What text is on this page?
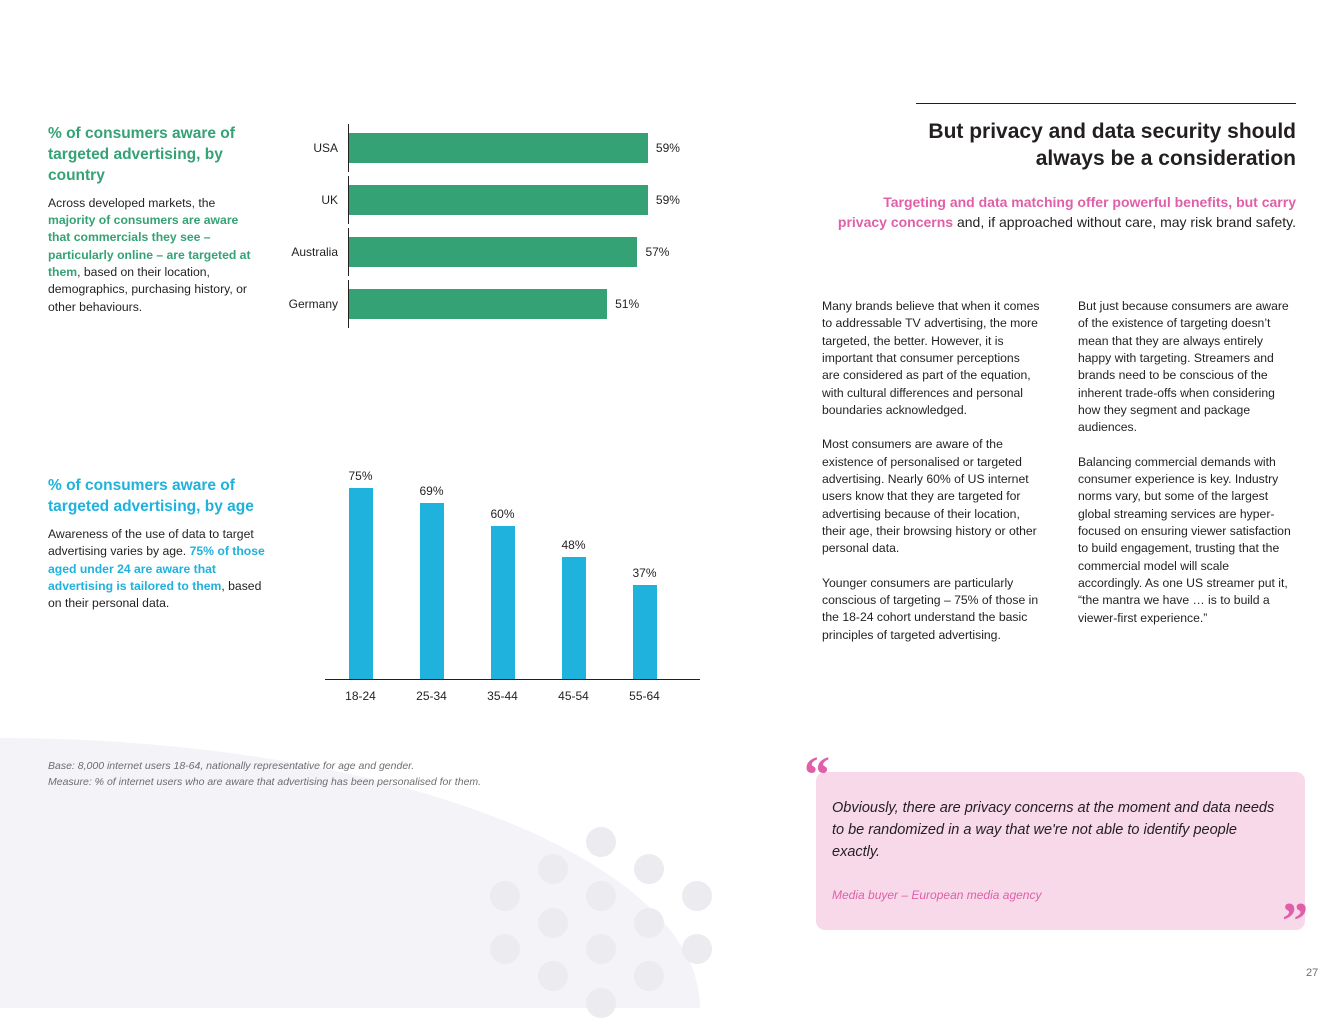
% of consumers aware of targeted advertising, by country
Across developed markets, the majority of consumers are aware that commercials they see – particularly online – are targeted at them, based on their location, demographics, purchasing history, or other behaviours.
% of consumers aware of targeted advertising, by age
Awareness of the use of data to target advertising varies by age. 75% of those aged under 24 are aware that advertising is tailored to them, based on their personal data.
USA	59%
UK	59%
Australia	57%
Germany	51%
75%
69%
60%
48%
37%
18-24	25-34	35-44	45-54	55-64
Base: 8,000 internet users 18-64, nationally representative for age and gender.
Measure: % of internet users who are aware that advertising has been personalised for them.
But privacy and data security should always be a consideration
Targeting and data matching offer powerful benefits, but carry privacy concerns and, if approached without care, may risk brand safety.

Many brands believe that when it comes to addressable TV advertising, the more targeted, the better. However, it is important that consumer perceptions are considered as part of the equation, with cultural differences and personal boundaries acknowledged.

Most consumers are aware of the existence of personalised or targeted advertising. Nearly 60% of US internet users know that they are targeted for advertising because of their location, their age, their browsing history or other personal data.

Younger consumers are particularly conscious of targeting – 75% of those in the 18-24 cohort understand the basic principles of targeted advertising.

But just because consumers are aware of the existence of targeting doesn’t mean that they are always entirely happy with targeting. Streamers and brands need to be conscious of the inherent trade-offs when considering how they segment and package audiences.

Balancing commercial demands with consumer experience is key. Industry norms vary, but some of the largest global streaming services are hyper-focused on ensuring viewer satisfaction to build engagement, trusting that the commercial model will scale accordingly. As one US streamer put it, “the mantra we have … is to build a viewer-first experience.”

“
”
Obviously, there are privacy concerns at the moment and data needs to be randomized in a way that we're not able to identify people exactly.
Media buyer – European media agency
27
